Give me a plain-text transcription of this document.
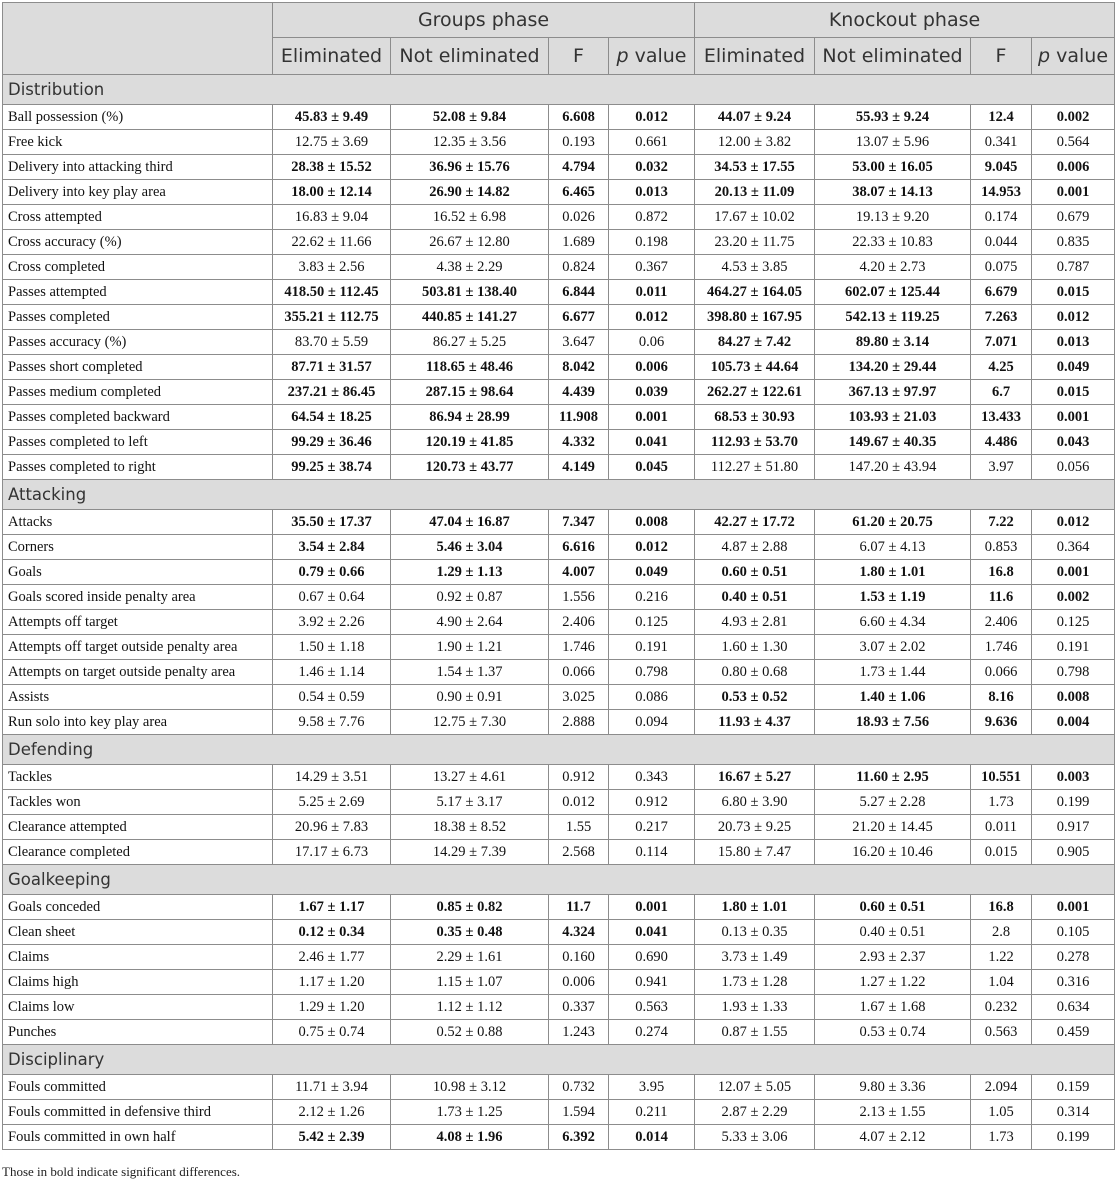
	Groups phase				Knockout phase			
	Eliminated	Not eliminated	F	p value	Eliminated	Not eliminated	F	p value
Distribution								
Ball possession (%)	45.83 ± 9.49	52.08 ± 9.84	6.608	0.012	44.07 ± 9.24	55.93 ± 9.24	12.4	0.002
Free kick	12.75 ± 3.69	12.35 ± 3.56	0.193	0.661	12.00 ± 3.82	13.07 ± 5.96	0.341	0.564
Delivery into attacking third	28.38 ± 15.52	36.96 ± 15.76	4.794	0.032	34.53 ± 17.55	53.00 ± 16.05	9.045	0.006
Delivery into key play area	18.00 ± 12.14	26.90 ± 14.82	6.465	0.013	20.13 ± 11.09	38.07 ± 14.13	14.953	0.001
Cross attempted	16.83 ± 9.04	16.52 ± 6.98	0.026	0.872	17.67 ± 10.02	19.13 ± 9.20	0.174	0.679
Cross accuracy (%)	22.62 ± 11.66	26.67 ± 12.80	1.689	0.198	23.20 ± 11.75	22.33 ± 10.83	0.044	0.835
Cross completed	3.83 ± 2.56	4.38 ± 2.29	0.824	0.367	4.53 ± 3.85	4.20 ± 2.73	0.075	0.787
Passes attempted	418.50 ± 112.45	503.81 ± 138.40	6.844	0.011	464.27 ± 164.05	602.07 ± 125.44	6.679	0.015
Passes completed	355.21 ± 112.75	440.85 ± 141.27	6.677	0.012	398.80 ± 167.95	542.13 ± 119.25	7.263	0.012
Passes accuracy (%)	83.70 ± 5.59	86.27 ± 5.25	3.647	0.06	84.27 ± 7.42	89.80 ± 3.14	7.071	0.013
Passes short completed	87.71 ± 31.57	118.65 ± 48.46	8.042	0.006	105.73 ± 44.64	134.20 ± 29.44	4.25	0.049
Passes medium completed	237.21 ± 86.45	287.15 ± 98.64	4.439	0.039	262.27 ± 122.61	367.13 ± 97.97	6.7	0.015
Passes completed backward	64.54 ± 18.25	86.94 ± 28.99	11.908	0.001	68.53 ± 30.93	103.93 ± 21.03	13.433	0.001
Passes completed to left	99.29 ± 36.46	120.19 ± 41.85	4.332	0.041	112.93 ± 53.70	149.67 ± 40.35	4.486	0.043
Passes completed to right	99.25 ± 38.74	120.73 ± 43.77	4.149	0.045	112.27 ± 51.80	147.20 ± 43.94	3.97	0.056
Attacking								
Attacks	35.50 ± 17.37	47.04 ± 16.87	7.347	0.008	42.27 ± 17.72	61.20 ± 20.75	7.22	0.012
Corners	3.54 ± 2.84	5.46 ± 3.04	6.616	0.012	4.87 ± 2.88	6.07 ± 4.13	0.853	0.364
Goals	0.79 ± 0.66	1.29 ± 1.13	4.007	0.049	0.60 ± 0.51	1.80 ± 1.01	16.8	0.001
Goals scored inside penalty area	0.67 ± 0.64	0.92 ± 0.87	1.556	0.216	0.40 ± 0.51	1.53 ± 1.19	11.6	0.002
Attempts off target	3.92 ± 2.26	4.90 ± 2.64	2.406	0.125	4.93 ± 2.81	6.60 ± 4.34	2.406	0.125
Attempts off target outside penalty area	1.50 ± 1.18	1.90 ± 1.21	1.746	0.191	1.60 ± 1.30	3.07 ± 2.02	1.746	0.191
Attempts on target outside penalty area	1.46 ± 1.14	1.54 ± 1.37	0.066	0.798	0.80 ± 0.68	1.73 ± 1.44	0.066	0.798
Assists	0.54 ± 0.59	0.90 ± 0.91	3.025	0.086	0.53 ± 0.52	1.40 ± 1.06	8.16	0.008
Run solo into key play area	9.58 ± 7.76	12.75 ± 7.30	2.888	0.094	11.93 ± 4.37	18.93 ± 7.56	9.636	0.004
Defending								
Tackles	14.29 ± 3.51	13.27 ± 4.61	0.912	0.343	16.67 ± 5.27	11.60 ± 2.95	10.551	0.003
Tackles won	5.25 ± 2.69	5.17 ± 3.17	0.012	0.912	6.80 ± 3.90	5.27 ± 2.28	1.73	0.199
Clearance attempted	20.96 ± 7.83	18.38 ± 8.52	1.55	0.217	20.73 ± 9.25	21.20 ± 14.45	0.011	0.917
Clearance completed	17.17 ± 6.73	14.29 ± 7.39	2.568	0.114	15.80 ± 7.47	16.20 ± 10.46	0.015	0.905
Goalkeeping								
Goals conceded	1.67 ± 1.17	0.85 ± 0.82	11.7	0.001	1.80 ± 1.01	0.60 ± 0.51	16.8	0.001
Clean sheet	0.12 ± 0.34	0.35 ± 0.48	4.324	0.041	0.13 ± 0.35	0.40 ± 0.51	2.8	0.105
Claims	2.46 ± 1.77	2.29 ± 1.61	0.160	0.690	3.73 ± 1.49	2.93 ± 2.37	1.22	0.278
Claims high	1.17 ± 1.20	1.15 ± 1.07	0.006	0.941	1.73 ± 1.28	1.27 ± 1.22	1.04	0.316
Claims low	1.29 ± 1.20	1.12 ± 1.12	0.337	0.563	1.93 ± 1.33	1.67 ± 1.68	0.232	0.634
Punches	0.75 ± 0.74	0.52 ± 0.88	1.243	0.274	0.87 ± 1.55	0.53 ± 0.74	0.563	0.459
Disciplinary								
Fouls committed	11.71 ± 3.94	10.98 ± 3.12	0.732	3.95	12.07 ± 5.05	9.80 ± 3.36	2.094	0.159
Fouls committed in defensive third	2.12 ± 1.26	1.73 ± 1.25	1.594	0.211	2.87 ± 2.29	2.13 ± 1.55	1.05	0.314
Fouls committed in own half	5.42 ± 2.39	4.08 ± 1.96	6.392	0.014	5.33 ± 3.06	4.07 ± 2.12	1.73	0.199
Those in bold indicate significant differences.
